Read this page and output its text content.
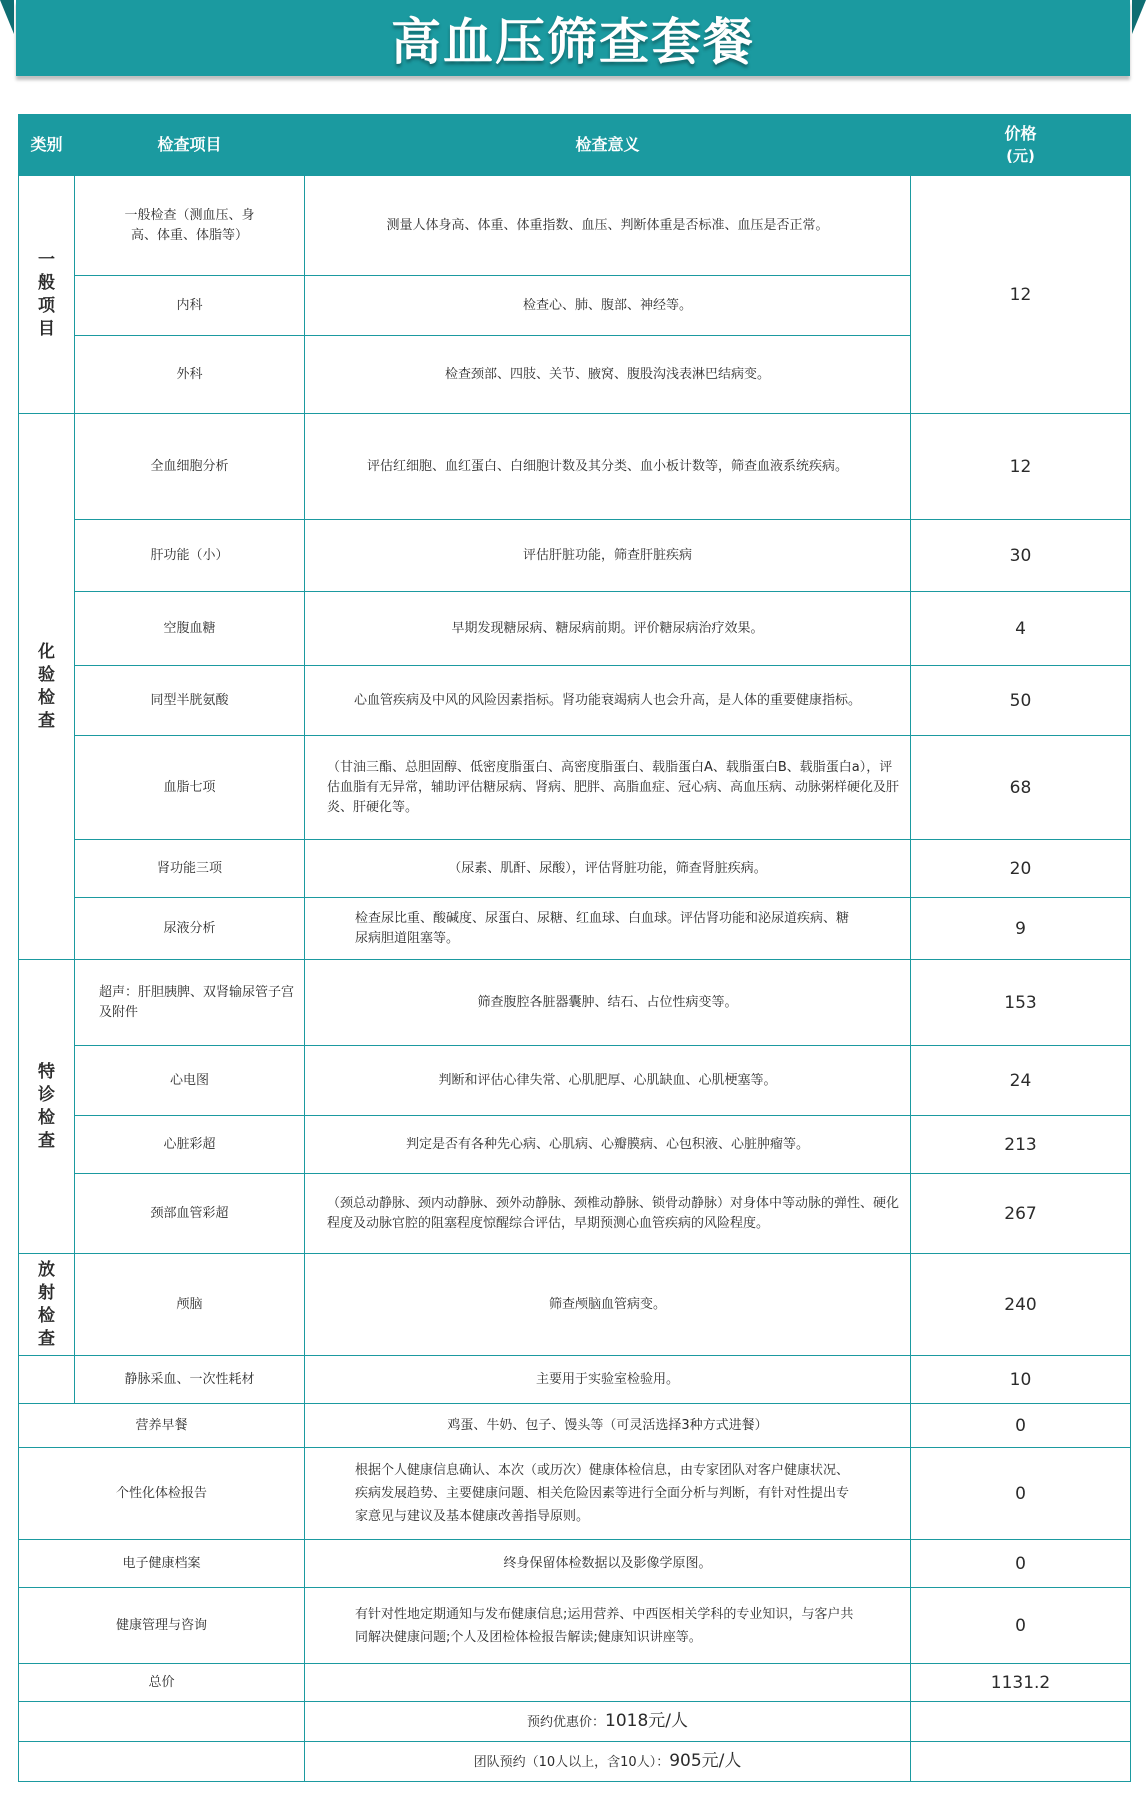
高血压筛查套餐
类别	检查项目	检查意义	价格
(元)

一般项目	一般检查（测血压、身高、体重、体脂等）	测量人体身高、体重、体重指数、血压、判断体重是否标准、血压是否正常。	12
	内科	检查心、肺、腹部、神经等。	
	外科	检查颈部、四肢、关节、腋窝、腹股沟浅表淋巴结病变。	
化验检查	全血细胞分析	评估红细胞、血红蛋白、白细胞计数及其分类、血小板计数等，筛查血液系统疾病。	12
	肝功能（小）	评估肝脏功能，筛查肝脏疾病	30
	空腹血糖	早期发现糖尿病、糖尿病前期。评价糖尿病治疗效果。	4
	同型半胱氨酸	心血管疾病及中风的风险因素指标。肾功能衰竭病人也会升高，是人体的重要健康指标。	50
	血脂七项	（甘油三酯、总胆固醇、低密度脂蛋白、高密度脂蛋白、载脂蛋白A、载脂蛋白B、载脂蛋白a），评估血脂有无异常，辅助评估糖尿病、肾病、肥胖、高脂血症、冠心病、高血压病、动脉粥样硬化及肝炎、肝硬化等。	68
	肾功能三项	（尿素、肌酐、尿酸），评估肾脏功能，筛查肾脏疾病。	20
	尿液分析	检查尿比重、酸碱度、尿蛋白、尿糖、红血球、白血球。评估肾功能和泌尿道疾病、糖尿病胆道阻塞等。	9
特诊检查	超声：肝胆胰脾、双肾输尿管子宫及附件	筛查腹腔各脏器囊肿、结石、占位性病变等。	153
	心电图	判断和评估心律失常、心肌肥厚、心肌缺血、心肌梗塞等。	24
	心脏彩超	判定是否有各种先心病、心肌病、心瓣膜病、心包积液、心脏肿瘤等。	213
	颈部血管彩超	（颈总动静脉、颈内动静脉、颈外动静脉、颈椎动静脉、锁骨动静脉）对身体中等动脉的弹性、硬化程度及动脉官腔的阻塞程度惊醒综合评估，早期预测心血管疾病的风险程度。	267
放射检查	颅脑	筛查颅脑血管病变。	240
	静脉采血、一次性耗材	主要用于实验室检验用。	10
营养早餐		鸡蛋、牛奶、包子、馒头等（可灵活选择3种方式进餐）	0
个性化体检报告		根据个人健康信息确认、本次（或历次）健康体检信息，由专家团队对客户健康状况、疾病发展趋势、主要健康问题、相关危险因素等进行全面分析与判断，有针对性提出专家意见与建议及基本健康改善指导原则。	0
电子健康档案		终身保留体检数据以及影像学原图。	0
健康管理与咨询		有针对性地定期通知与发布健康信息;运用营养、中西医相关学科的专业知识，与客户共同解决健康问题;个人及团检体检报告解读;健康知识讲座等。	0
总价			1131.2
		预约优惠价：1018元/人	
		团队预约（10人以上，含10人）：905元/人	
